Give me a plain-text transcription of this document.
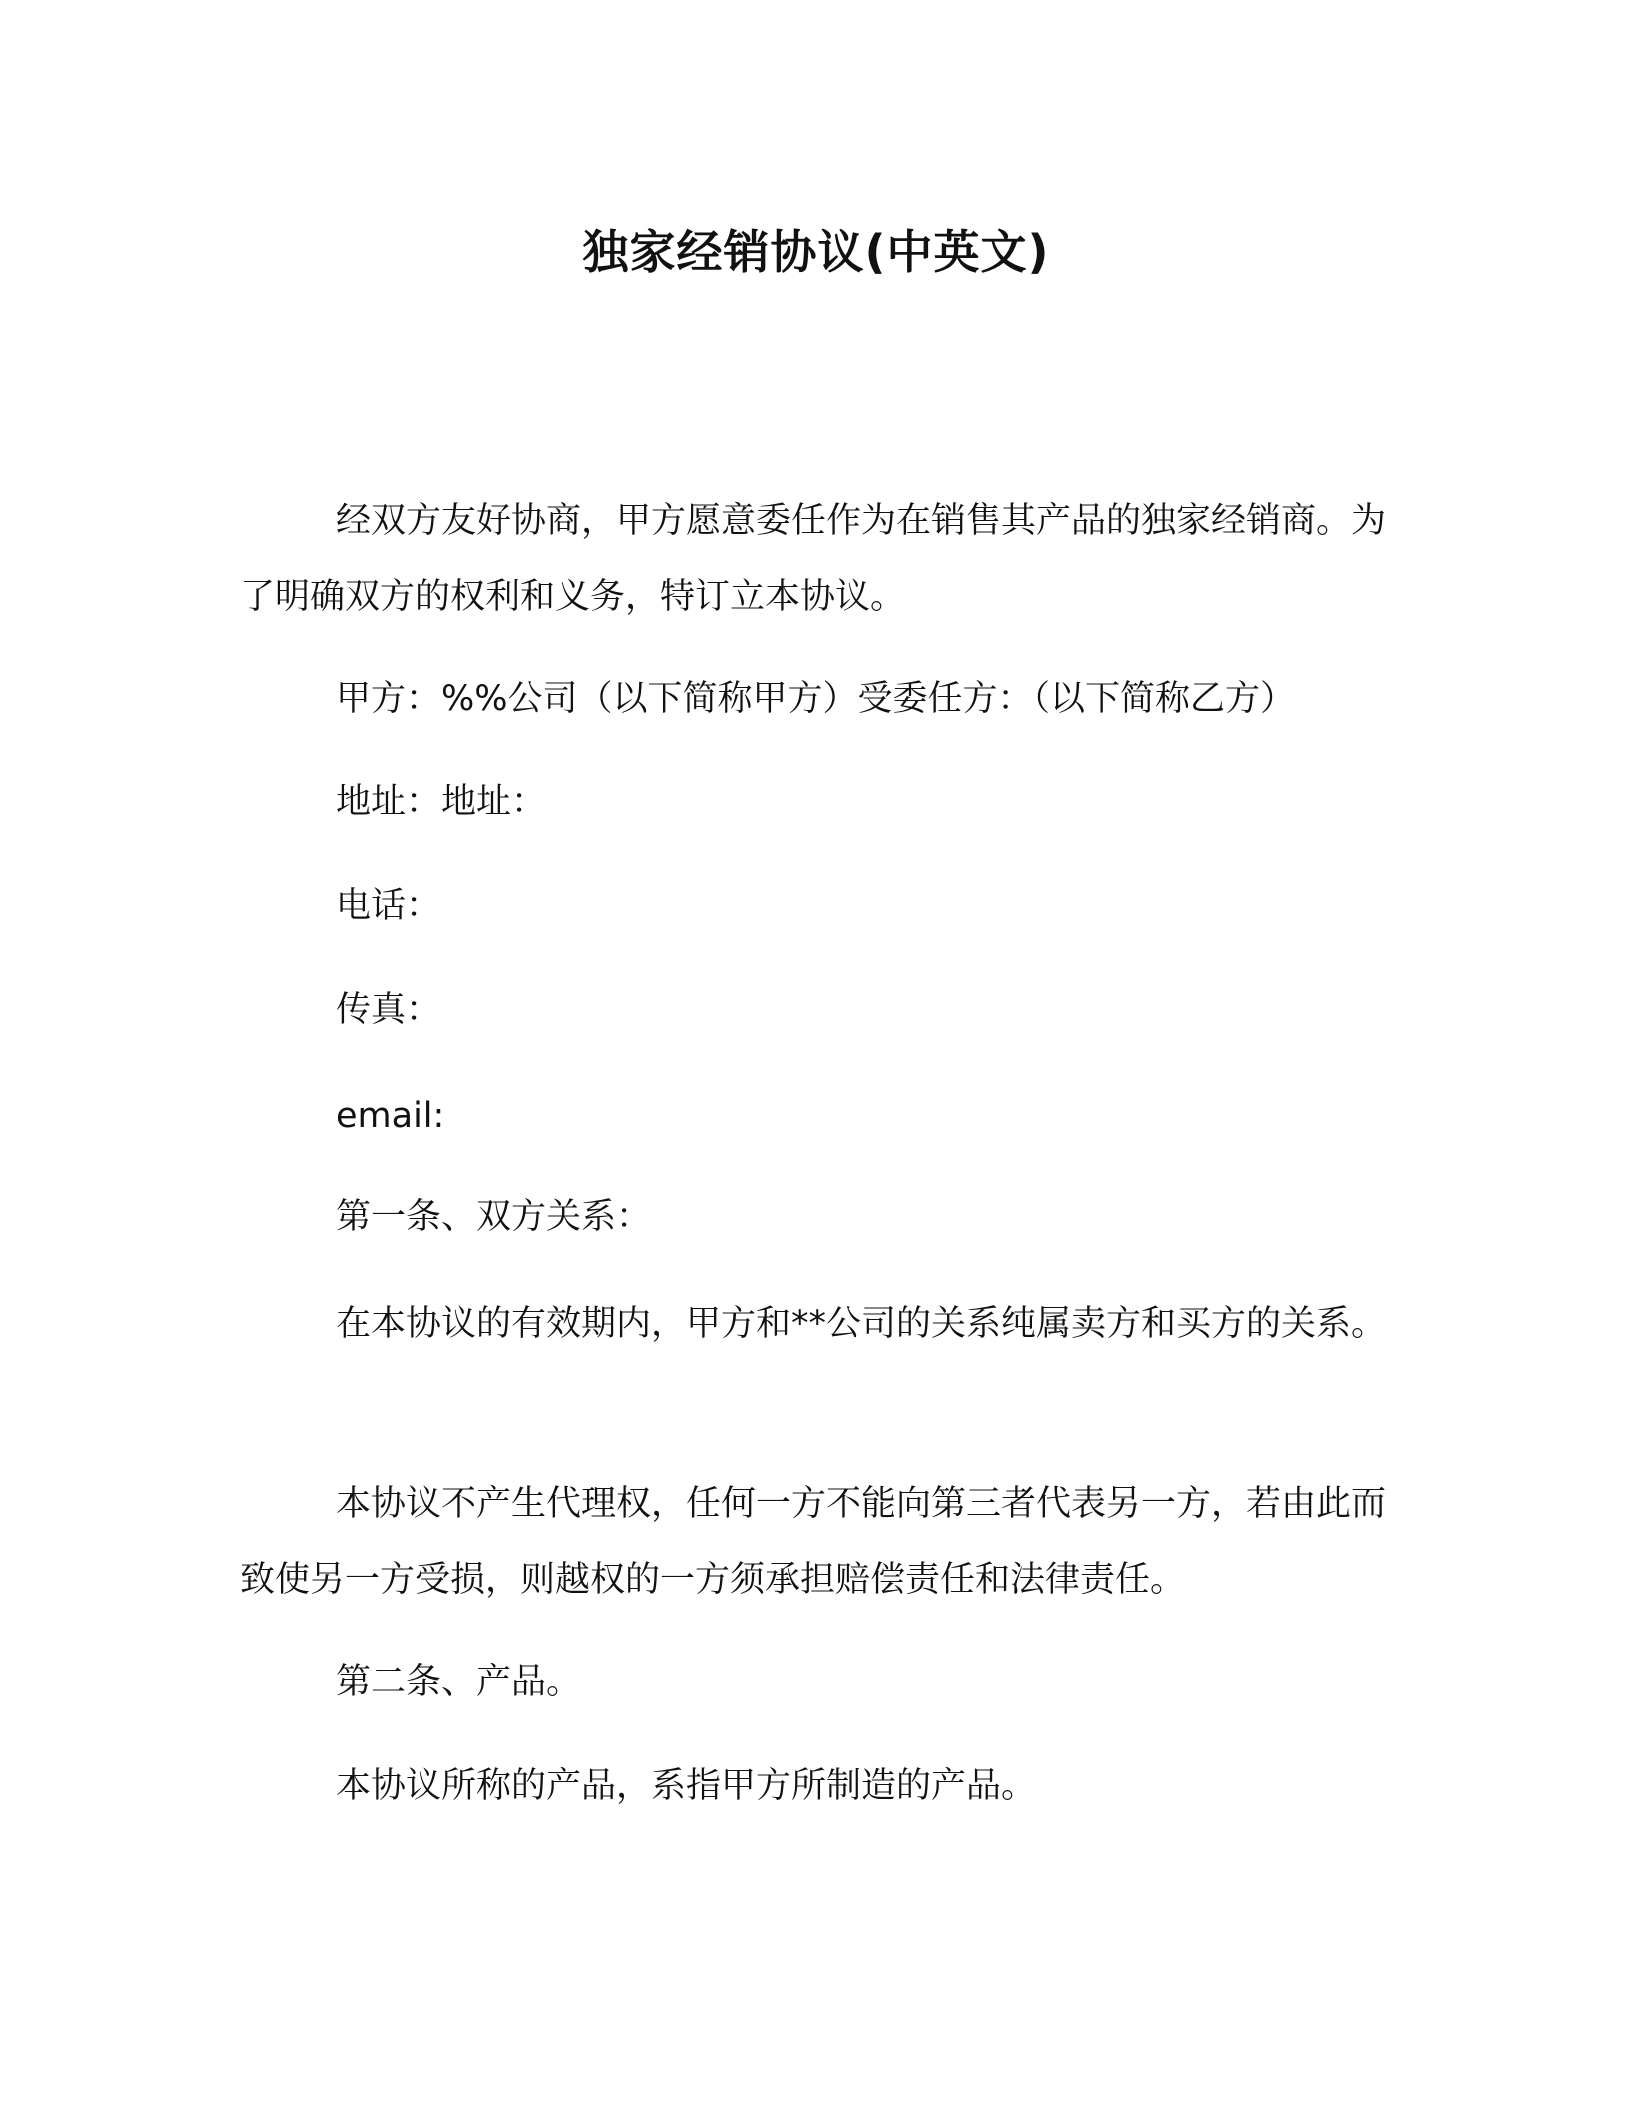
独家经销协议(中英文)
经双方友好协商，甲方愿意委任作为在销售其产品的独家经销商。为了明确双方的权利和义务，特订立本协议。
甲方：%%公司（以下简称甲方）受委任方：（以下简称乙方）
地址：地址：
电话：
传真：
email:
第一条、双方关系：
在本协议的有效期内，甲方和**公司的关系纯属卖方和买方的关系。
本协议不产生代理权，任何一方不能向第三者代表另一方，若由此而致使另一方受损，则越权的一方须承担赔偿责任和法律责任。
第二条、产品。
本协议所称的产品，系指甲方所制造的产品。
